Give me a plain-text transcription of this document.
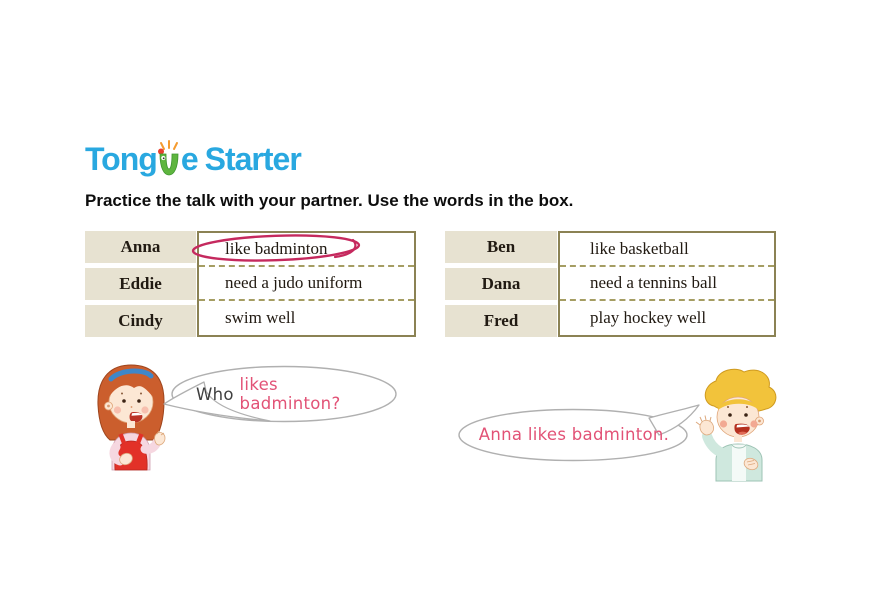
Tong e Starter
Practice the talk with your partner. Use the words in the box.
Anna
Eddie
Cindy
like badminton
need a judo uniform
swim well
Ben
Dana
Fred
like basketball
need a tennins ball
play hockey well
Who likes badminton?
Anna likes badminton.
